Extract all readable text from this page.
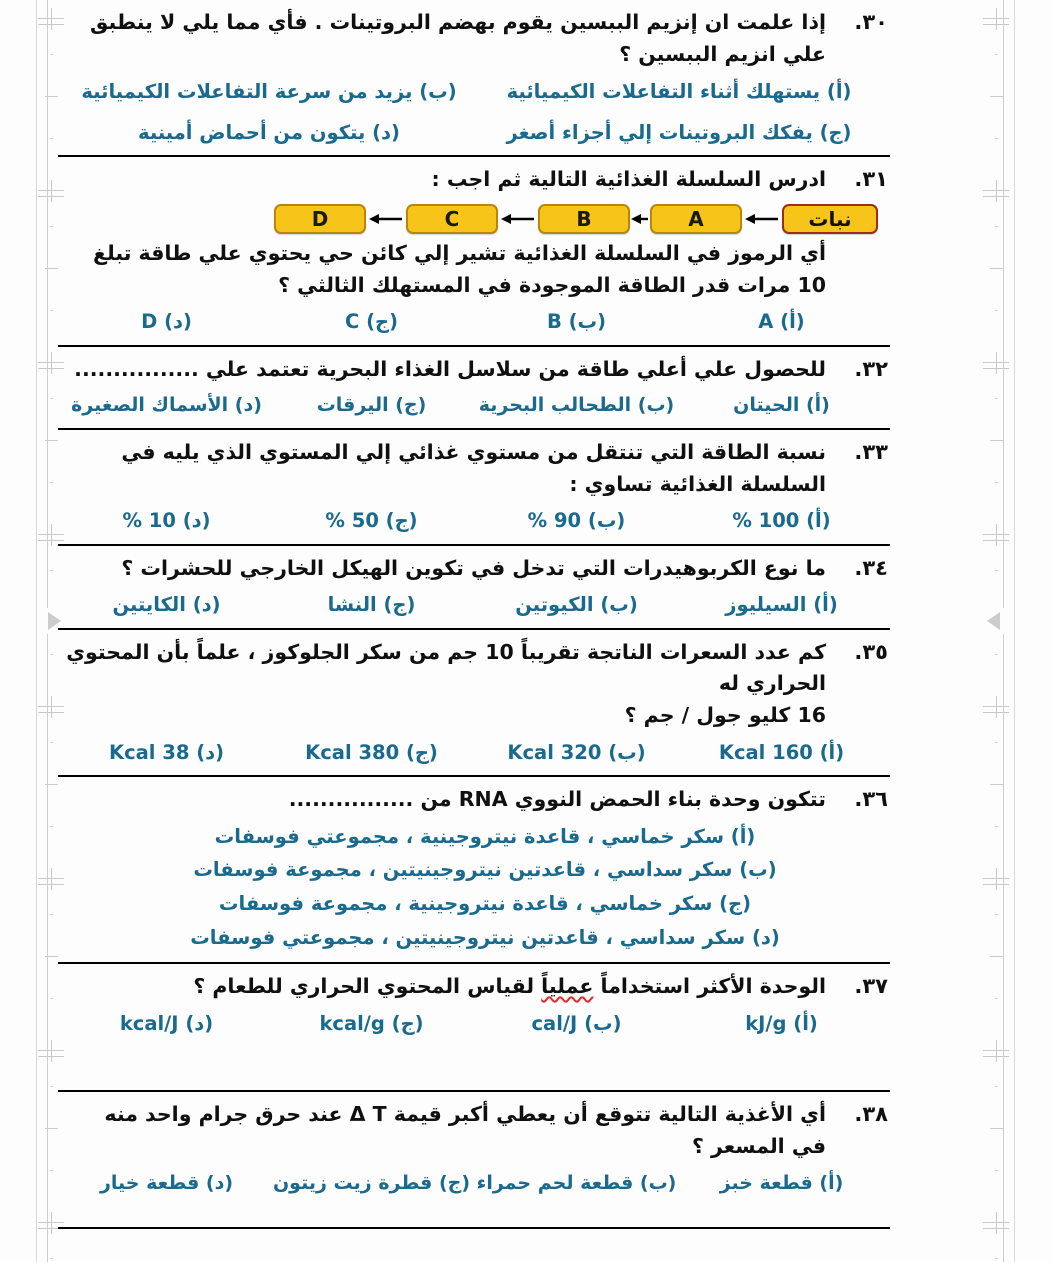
٣٠.
إذا علمت ان إنزيم الببسين يقوم بهضم البروتينات . فأي مما يلي لا ينطبق علي انزيم الببسين ؟
(أ) يستهلك أثناء التفاعلات الكيميائية
(ب) يزيد من سرعة التفاعلات الكيميائية
(ج) يفكك البروتينات إلي أجزاء أصغر
(د) يتكون من أحماض أمينية
٣١.
ادرس السلسلة الغذائية التالية ثم اجب :
نبات
A
B
C
D
أي الرموز في السلسلة الغذائية تشير إلي كائن حي يحتوي علي طاقة تبلغ 10 مرات قدر الطاقة الموجودة في المستهلك الثالثي ؟
(أ) A
(ب) B
(ج) C
(د) D
٣٢.
للحصول علي أعلي طاقة من سلاسل الغذاء البحرية تعتمد علي ................
(أ) الحيتان
(ب) الطحالب البحرية
(ج) اليرقات
(د) الأسماك الصغيرة
٣٣.
نسبة الطاقة التي تنتقل من مستوي غذائي إلي المستوي الذي يليه في السلسلة الغذائية تساوي :
(أ) 100 %
(ب) 90 %
(ج) 50 %
(د) 10 %
٣٤.
ما نوع الكربوهيدرات التي تدخل في تكوين الهيكل الخارجي للحشرات ؟
(أ) السيليوز
(ب) الكيوتين
(ج) النشا
(د) الكايتين
٣٥.
كم عدد السعرات الناتجة تقريباً 10 جم من سكر الجلوكوز ، علماً بأن المحتوي الحراري له
16 كليو جول / جم ؟
(أ) 160 Kcal
(ب) 320 Kcal
(ج) 380 Kcal
(د) 38 Kcal
٣٦.
تتكون وحدة بناء الحمض النووي RNA من ................
(أ) سكر خماسي ، قاعدة نيتروجينية ، مجموعتي فوسفات
(ب) سكر سداسي ، قاعدتين نيتروجينيتين ، مجموعة فوسفات
(ج) سكر خماسي ، قاعدة نيتروجينية ، مجموعة فوسفات
(د) سكر سداسي ، قاعدتين نيتروجينيتين ، مجموعتي فوسفات
٣٧.
الوحدة الأكثر استخداماً عملياً لقياس المحتوي الحراري للطعام ؟
(أ) kJ/g
(ب) cal/J
(ج) kcal/g
(د) kcal/J
٣٨.
أي الأغذية التالية تتوقع أن يعطي أكبر قيمة Δ T عند حرق جرام واحد منه في المسعر ؟
(أ) قطعة خبز
(ب) قطعة لحم حمراء
(ج) قطرة زيت زيتون
(د) قطعة خيار
